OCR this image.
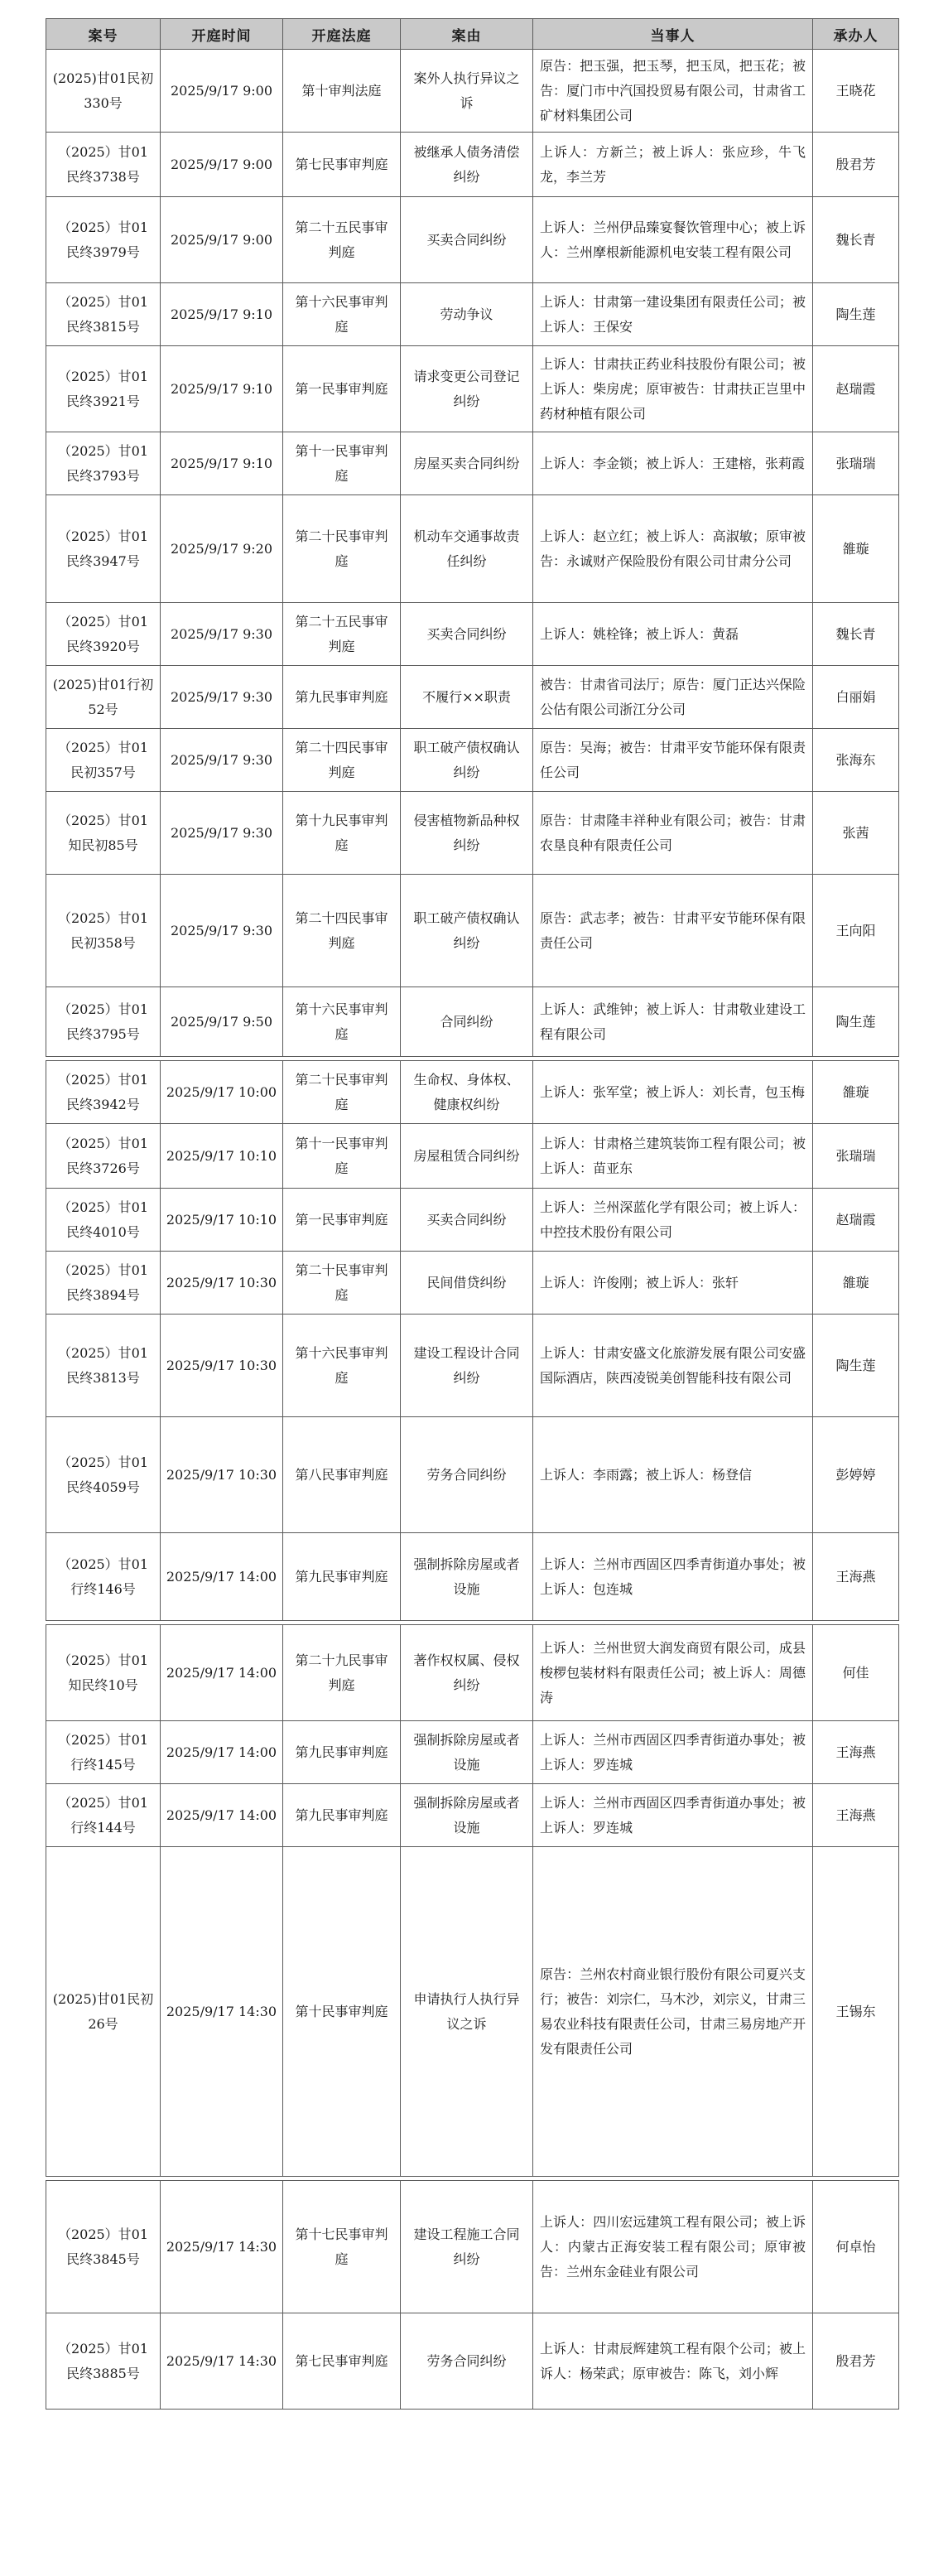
案号	开庭时间	开庭法庭	案由	当事人	承办人
(2025)甘01民初330号	2025/9/17 9:00	第十审判法庭	案外人执行异议之诉	原告：把玉强，把玉琴，把玉凤，把玉花；被告：厦门市中汽国投贸易有限公司，甘肃省工矿材料集团公司	王晓花
（2025）甘01民终3738号	2025/9/17 9:00	第七民事审判庭	被继承人债务清偿纠纷	上诉人：方新兰；被上诉人：张应珍，牛飞龙，李兰芳	殷君芳
（2025）甘01民终3979号	2025/9/17 9:00	第二十五民事审判庭	买卖合同纠纷	上诉人：兰州伊品臻宴餐饮管理中心；被上诉人：兰州摩根新能源机电安装工程有限公司	魏长青
（2025）甘01民终3815号	2025/9/17 9:10	第十六民事审判庭	劳动争议	上诉人：甘肃第一建设集团有限责任公司；被上诉人：王保安	陶生莲
（2025）甘01民终3921号	2025/9/17 9:10	第一民事审判庭	请求变更公司登记纠纷	上诉人：甘肃扶正药业科技股份有限公司；被上诉人：柴房虎；原审被告：甘肃扶正岂里中药材种植有限公司	赵瑞霞
（2025）甘01民终3793号	2025/9/17 9:10	第十一民事审判庭	房屋买卖合同纠纷	上诉人：李金锁；被上诉人：王建榕，张莉霞	张瑞瑞
（2025）甘01民终3947号	2025/9/17 9:20	第二十民事审判庭	机动车交通事故责任纠纷	上诉人：赵立红；被上诉人：高淑敏；原审被告：永诚财产保险股份有限公司甘肃分公司	雒璇
（2025）甘01民终3920号	2025/9/17 9:30	第二十五民事审判庭	买卖合同纠纷	上诉人：姚栓锋；被上诉人：黄磊	魏长青
(2025)甘01行初52号	2025/9/17 9:30	第九民事审判庭	不履行××职责	被告：甘肃省司法厅；原告：厦门正达兴保险公估有限公司浙江分公司	白丽娟
（2025）甘01民初357号	2025/9/17 9:30	第二十四民事审判庭	职工破产债权确认纠纷	原告：吴海；被告：甘肃平安节能环保有限责任公司	张海东
（2025）甘01知民初85号	2025/9/17 9:30	第十九民事审判庭	侵害植物新品种权纠纷	原告：甘肃隆丰祥种业有限公司；被告：甘肃农垦良种有限责任公司	张茜
（2025）甘01民初358号	2025/9/17 9:30	第二十四民事审判庭	职工破产债权确认纠纷	原告：武志孝；被告：甘肃平安节能环保有限责任公司	王向阳
（2025）甘01民终3795号	2025/9/17 9:50	第十六民事审判庭	合同纠纷	上诉人：武维钟；被上诉人：甘肃敬业建设工程有限公司	陶生莲

（2025）甘01民终3942号	2025/9/17 10:00	第二十民事审判庭	生命权、身体权、健康权纠纷	上诉人：张军堂；被上诉人：刘长青，包玉梅	雒璇
（2025）甘01民终3726号	2025/9/17 10:10	第十一民事审判庭	房屋租赁合同纠纷	上诉人：甘肃格兰建筑装饰工程有限公司；被上诉人：苗亚东	张瑞瑞
（2025）甘01民终4010号	2025/9/17 10:10	第一民事审判庭	买卖合同纠纷	上诉人：兰州深蓝化学有限公司；被上诉人：中控技术股份有限公司	赵瑞霞
（2025）甘01民终3894号	2025/9/17 10:30	第二十民事审判庭	民间借贷纠纷	上诉人：许俊刚；被上诉人：张轩	雒璇
（2025）甘01民终3813号	2025/9/17 10:30	第十六民事审判庭	建设工程设计合同纠纷	上诉人：甘肃安盛文化旅游发展有限公司安盛国际酒店，陕西凌锐美创智能科技有限公司	陶生莲
（2025）甘01民终4059号	2025/9/17 10:30	第八民事审判庭	劳务合同纠纷	上诉人：李雨露；被上诉人：杨登信	彭婷婷
（2025）甘01行终146号	2025/9/17 14:00	第九民事审判庭	强制拆除房屋或者设施	上诉人：兰州市西固区四季青街道办事处；被上诉人：包连城	王海燕

（2025）甘01知民终10号	2025/9/17 14:00	第二十九民事审判庭	著作权权属、侵权纠纷	上诉人：兰州世贸大润发商贸有限公司，成县梭椤包装材料有限责任公司；被上诉人：周德涛	何佳
（2025）甘01行终145号	2025/9/17 14:00	第九民事审判庭	强制拆除房屋或者设施	上诉人：兰州市西固区四季青街道办事处；被上诉人：罗连城	王海燕
（2025）甘01行终144号	2025/9/17 14:00	第九民事审判庭	强制拆除房屋或者设施	上诉人：兰州市西固区四季青街道办事处；被上诉人：罗连城	王海燕
(2025)甘01民初26号	2025/9/17 14:30	第十民事审判庭	申请执行人执行异议之诉	原告：兰州农村商业银行股份有限公司夏兴支行；被告：刘宗仁，马木沙，刘宗义，甘肃三易农业科技有限责任公司，甘肃三易房地产开发有限责任公司	王锡东

（2025）甘01民终3845号	2025/9/17 14:30	第十七民事审判庭	建设工程施工合同纠纷	上诉人：四川宏远建筑工程有限公司；被上诉人：内蒙古正海安装工程有限公司；原审被告：兰州东金硅业有限公司	何卓怡
（2025）甘01民终3885号	2025/9/17 14:30	第七民事审判庭	劳务合同纠纷	上诉人：甘肃辰辉建筑工程有限个公司；被上诉人：杨荣武；原审被告：陈飞，刘小辉	殷君芳
